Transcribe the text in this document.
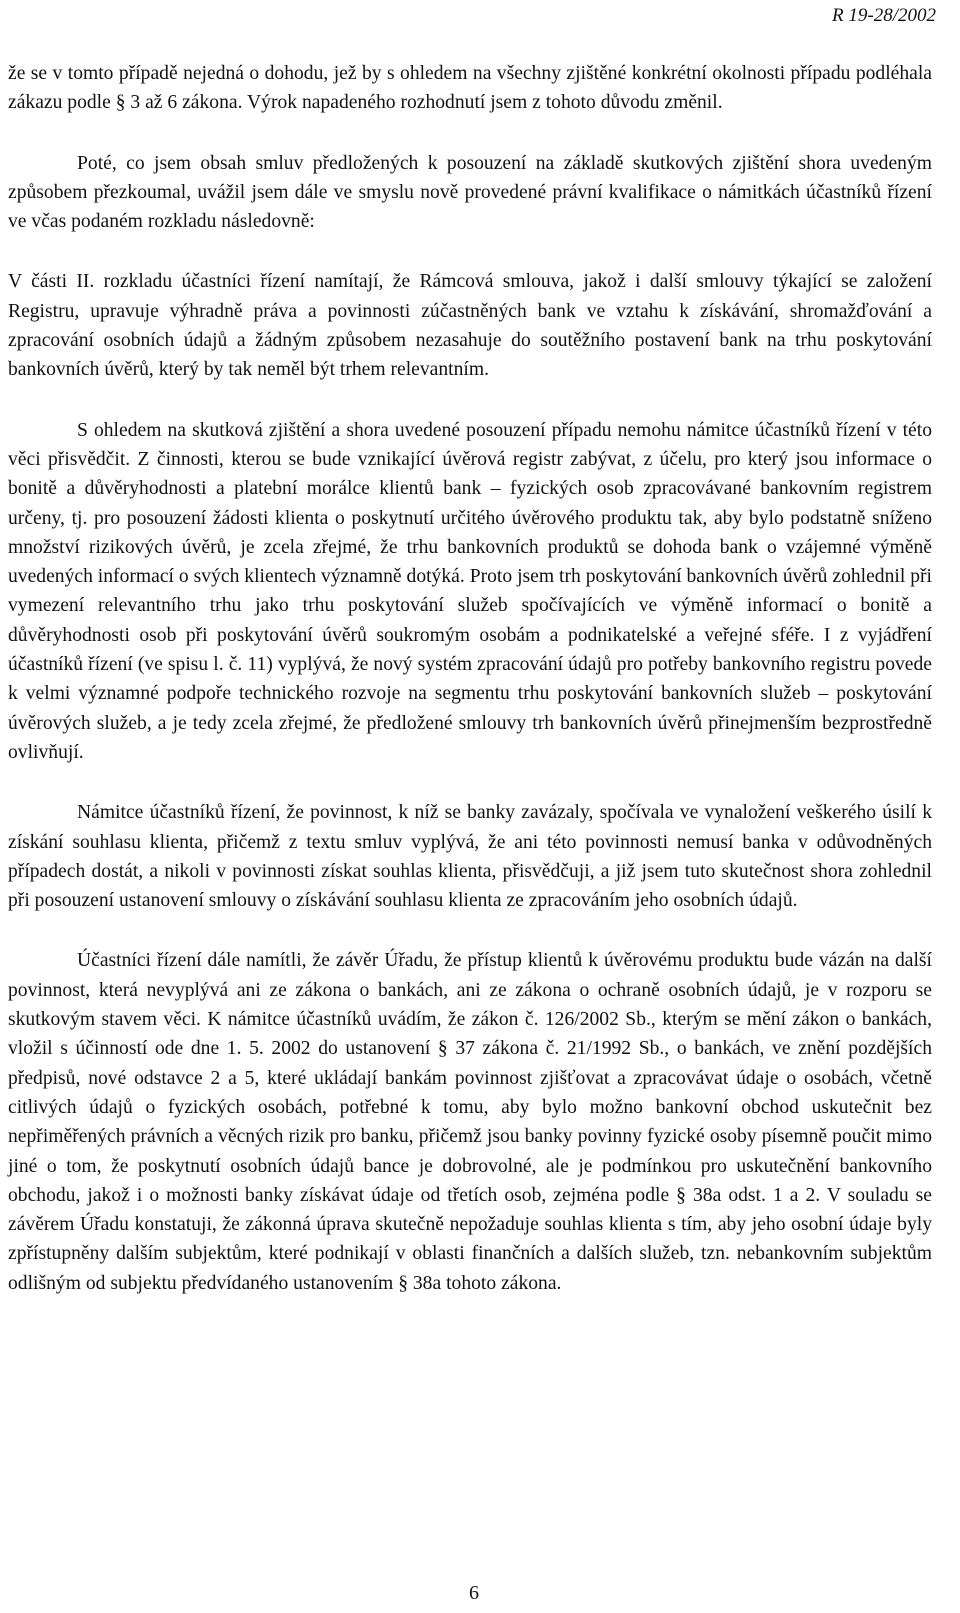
R 19-28/2002

že se v tomto případě nejedná o dohodu, jež by s ohledem na všechny zjištěné konkrétní okolnosti případu podléhala zákazu podle § 3 až 6 zákona. Výrok napadeného rozhodnutí jsem z tohoto důvodu změnil.

Poté, co jsem obsah smluv předložených k posouzení na základě skutkových zjištění shora uvedeným způsobem přezkoumal, uvážil jsem dále ve smyslu nově provedené právní kvalifikace o námitkách účastníků řízení ve včas podaném rozkladu následovně:

V části II. rozkladu účastníci řízení namítají, že Rámcová smlouva, jakož i další smlouvy týkající se založení Registru, upravuje výhradně práva a povinnosti zúčastněných bank ve vztahu k získávání, shromažďování a zpracování osobních údajů a žádným způsobem nezasahuje do soutěžního postavení bank na trhu poskytování bankovních úvěrů, který by tak neměl být trhem relevantním.

S ohledem na skutková zjištění a shora uvedené posouzení případu nemohu námitce účastníků řízení v této věci přisvědčit. Z činnosti, kterou se bude vznikající úvěrová registr zabývat, z účelu, pro který jsou informace o bonitě a důvěryhodnosti a platební morálce klientů bank – fyzických osob zpracovávané bankovním registrem určeny, tj. pro posouzení žádosti klienta o poskytnutí určitého úvěrového produktu tak, aby bylo podstatně sníženo množství rizikových úvěrů, je zcela zřejmé, že trhu bankovních produktů se dohoda bank o vzájemné výměně uvedených informací o svých klientech významně dotýká. Proto jsem trh poskytování bankovních úvěrů zohlednil při vymezení relevantního trhu jako trhu poskytování služeb spočívajících ve výměně informací o bonitě a důvěryhodnosti osob při poskytování úvěrů soukromým osobám a podnikatelské a veřejné sféře. I z vyjádření účastníků řízení (ve spisu l. č. 11) vyplývá, že nový systém zpracování údajů pro potřeby bankovního registru povede k velmi významné podpoře technického rozvoje na segmentu trhu poskytování bankovních služeb – poskytování úvěrových služeb, a je tedy zcela zřejmé, že předložené smlouvy trh bankovních úvěrů přinejmenším bezprostředně ovlivňují.

Námitce účastníků řízení, že povinnost, k níž se banky zavázaly, spočívala ve vynaložení veškerého úsilí k získání souhlasu klienta, přičemž z textu smluv vyplývá, že ani této povinnosti nemusí banka v odůvodněných případech dostát, a nikoli v povinnosti získat souhlas klienta, přisvědčuji, a již jsem tuto skutečnost shora zohlednil při posouzení ustanovení smlouvy o získávání souhlasu klienta ze zpracováním jeho osobních údajů.

Účastníci řízení dále namítli, že závěr Úřadu, že přístup klientů k úvěrovému produktu bude vázán na další povinnost, která nevyplývá ani ze zákona o bankách, ani ze zákona o ochraně osobních údajů, je v rozporu se skutkovým stavem věci. K námitce účastníků uvádím, že zákon č. 126/2002 Sb., kterým se mění zákon o bankách, vložil s účinností ode dne 1. 5. 2002 do ustanovení § 37 zákona č. 21/1992 Sb., o bankách, ve znění pozdějších předpisů, nové odstavce 2 a 5, které ukládají bankám povinnost zjišťovat a zpracovávat údaje o osobách, včetně citlivých údajů o fyzických osobách, potřebné k tomu, aby bylo možno bankovní obchod uskutečnit bez nepřiměřených právních a věcných rizik pro banku, přičemž jsou banky povinny fyzické osoby písemně poučit mimo jiné o tom, že poskytnutí osobních údajů bance je dobrovolné, ale je podmínkou pro uskutečnění bankovního obchodu, jakož i o možnosti banky získávat údaje od třetích osob, zejména podle § 38a odst. 1 a 2. V souladu se závěrem Úřadu konstatuji, že zákonná úprava skutečně nepožaduje souhlas klienta s tím, aby jeho osobní údaje byly zpřístupněny dalším subjektům, které podnikají v oblasti finančních a dalších služeb, tzn. nebankovním subjektům odlišným od subjektu předvídaného ustanovením § 38a tohoto zákona.

6
